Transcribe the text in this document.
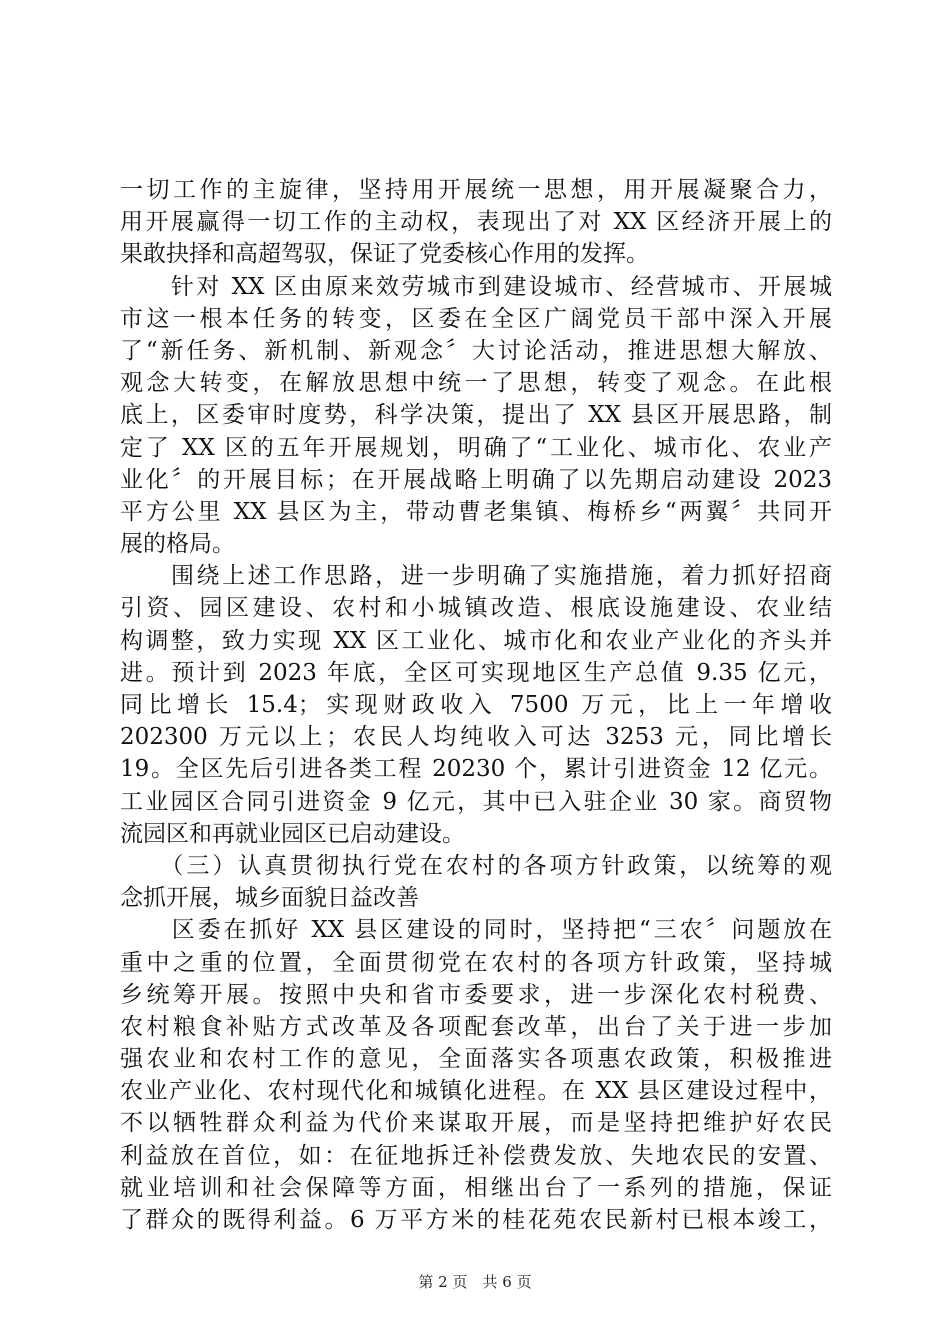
一切工作的主旋律，坚持用开展统一思想，用开展凝聚合力，
用开展赢得一切工作的主动权，表现出了对 XX 区经济开展上的
果敢抉择和高超驾驭，保证了党委核心作用的发挥。
　　针对 XX 区由原来效劳城市到建设城市、经营城市、开展城
市这一根本任务的转变，区委在全区广阔党员干部中深入开展
了“新任务、新机制、新观念〞大讨论活动，推进思想大解放、
观念大转变，在解放思想中统一了思想，转变了观念。在此根
底上，区委审时度势，科学决策，提出了 XX 县区开展思路，制
定了 XX 区的五年开展规划，明确了“工业化、城市化、农业产
业化〞的开展目标；在开展战略上明确了以先期启动建设 2023
平方公里 XX 县区为主，带动曹老集镇、梅桥乡“两翼〞共同开
展的格局。
　　围绕上述工作思路，进一步明确了实施措施，着力抓好招商
引资、园区建设、农村和小城镇改造、根底设施建设、农业结
构调整，致力实现 XX 区工业化、城市化和农业产业化的齐头并
进。预计到 2023 年底，全区可实现地区生产总值 9.35 亿元，
同比增长 15.4；实现财政收入 7500 万元，比上一年增收
202300 万元以上；农民人均纯收入可达 3253 元，同比增长
19。全区先后引进各类工程 20230 个，累计引进资金 12 亿元。
工业园区合同引进资金 9 亿元，其中已入驻企业 30 家。商贸物
流园区和再就业园区已启动建设。
　　（三）认真贯彻执行党在农村的各项方针政策，以统筹的观
念抓开展，城乡面貌日益改善
　　区委在抓好 XX 县区建设的同时，坚持把“三农〞问题放在
重中之重的位置，全面贯彻党在农村的各项方针政策，坚持城
乡统筹开展。按照中央和省市委要求，进一步深化农村税费、
农村粮食补贴方式改革及各项配套改革，出台了关于进一步加
强农业和农村工作的意见，全面落实各项惠农政策，积极推进
农业产业化、农村现代化和城镇化进程。在 XX 县区建设过程中，
不以牺牲群众利益为代价来谋取开展，而是坚持把维护好农民
利益放在首位，如：在征地拆迁补偿费发放、失地农民的安置、
就业培训和社会保障等方面，相继出台了一系列的措施，保证
了群众的既得利益。6 万平方米的桂花苑农民新村已根本竣工，
第 2 页　共 6 页
